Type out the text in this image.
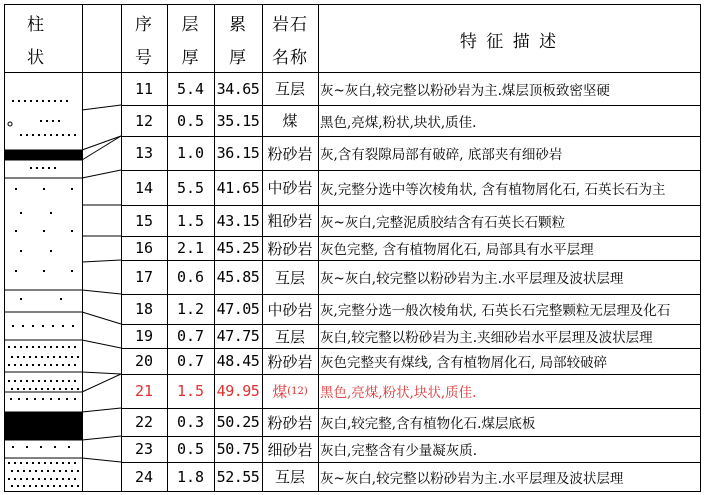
柱
状
序
号
层
厚
累
厚
岩石
名称
特 征 描 述
11 5.4 34.65 互层 灰~灰白,较完整以粉砂岩为主.煤层顶板致密坚硬
12 0.5 35.15 煤 黑色,亮煤,粉状,块状,质佳.
13 1.0 36.15 粉砂岩 灰,含有裂隙局部有破碎, 底部夹有细砂岩
14 5.5 41.65 中砂岩 灰,完整分选中等次棱角状, 含有植物屑化石, 石英长石为主
15 1.5 43.15 粗砂岩 灰~灰白,完整泥质胶结含有石英长石颗粒
16 2.1 45.25 粉砂岩 灰色完整, 含有植物屑化石, 局部具有水平层理
17 0.6 45.85 互层 灰~灰白,较完整以粉砂岩为主.水平层理及波状层理
18 1.2 47.05 中砂岩 灰,完整分选一般次棱角状, 石英长石完整颗粒无层理及化石
19 0.7 47.75 互层 灰白,较完整以粉砂岩为主.夹细砂岩水平层理及波状层理
20 0.7 48.45 粉砂岩 灰色完整夹有煤线, 含有植物屑化石, 局部较破碎
21 1.5 49.95 煤 (12) 黑色,亮煤,粉状,块状,质佳.
22 0.3 50.25 粉砂岩 灰白,较完整,含有植物化石.煤层底板
23 0.5 50.75 细砂岩 灰白,完整含有少量凝灰质.
24 1.8 52.55 互层 灰~灰白,较完整以粉砂岩为主.水平层理及波状层理
